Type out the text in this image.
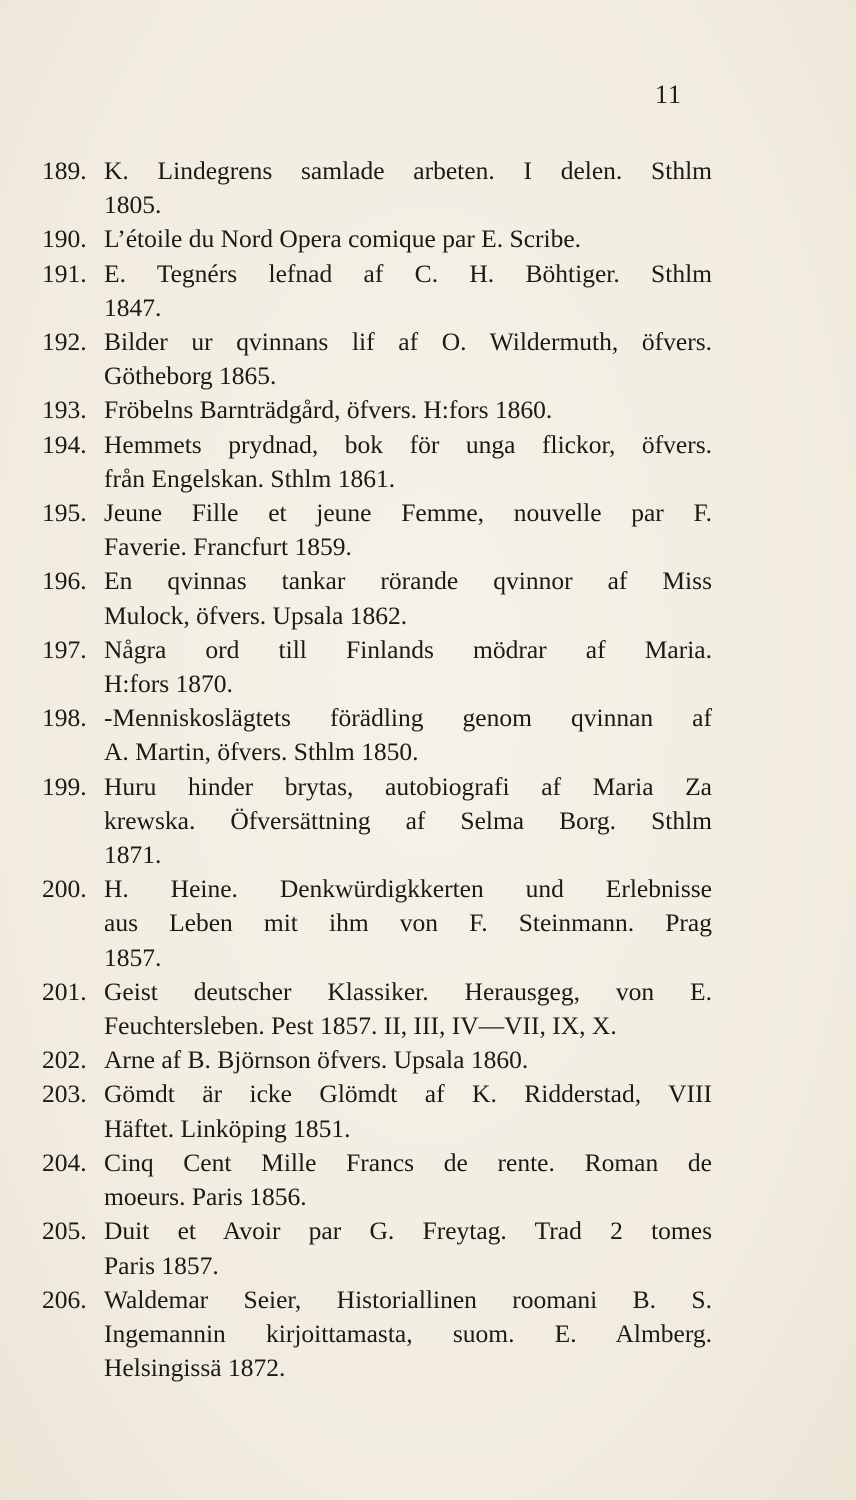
11
189. K. Lindegrens samlade arbeten. I delen. Sthlm
1805.
190. L’étoile du Nord Opera comique par E. Scribe.
191. E. Tegnérs lefnad af C. H. Böhtiger. Sthlm
1847.
192. Bilder ur qvinnans lif af O. Wildermuth, öfvers.
Götheborg 1865.
193. Fröbelns Barnträdgård, öfvers. H:fors 1860.
194. Hemmets prydnad, bok för unga flickor, öfvers.
från Engelskan. Sthlm 1861.
195. Jeune Fille et jeune Femme, nouvelle par F.
Faverie. Francfurt 1859.
196. En qvinnas tankar rörande qvinnor af Miss
Mulock, öfvers. Upsala 1862.
197. Några ord till Finlands mödrar af Maria.
H:fors 1870.
198. -Menniskoslägtets förädling genom qvinnan af
A. Martin, öfvers. Sthlm 1850.
199. Huru hinder brytas, autobiografi af Maria Za
krewska. Öfversättning af Selma Borg. Sthlm
1871.
200. H. Heine. Denkwürdigkkerten und Erlebnisse
aus Leben mit ihm von F. Steinmann. Prag
1857.
201. Geist deutscher Klassiker. Herausgeg, von E.
Feuchtersleben. Pest 1857. II, III, IV—VII, IX, X.
202. Arne af B. Björnson öfvers. Upsala 1860.
203. Gömdt är icke Glömdt af K. Ridderstad, VIII
Häftet. Linköping 1851.
204. Cinq Cent Mille Francs de rente. Roman de
moeurs. Paris 1856.
205. Duit et Avoir par G. Freytag. Trad 2 tomes
Paris 1857.
206. Waldemar Seier, Historiallinen roomani B. S.
Ingemannin kirjoittamasta, suom. E. Almberg.
Helsingissä 1872.
